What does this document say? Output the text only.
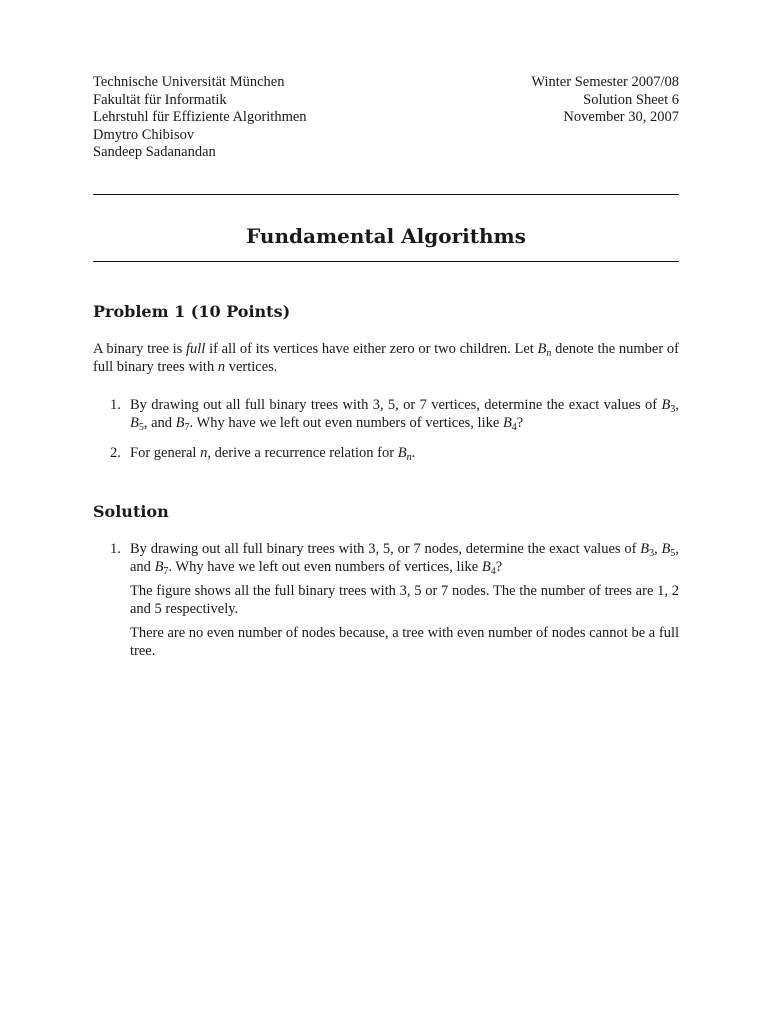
Technische Universität München
Fakultät für Informatik
Lehrstuhl für Effiziente Algorithmen
Dmytro Chibisov
Sandeep Sadanandan
Winter Semester 2007/08
Solution Sheet 6
November 30, 2007
Fundamental Algorithms
Problem 1 (10 Points)

A binary tree is full if all of its vertices have either zero or two children. Let $B_n$ denote the number of full binary trees with n vertices.

1. By drawing out all full binary trees with 3, 5, or 7 vertices, determine the exact values of $B_3$, $B_5$, and $B_7$. Why have we left out even numbers of vertices, like $B_4$?
2. For general n, derive a recurrence relation for $B_n$.
Solution
1. By drawing out all full binary trees with 3, 5, or 7 nodes, determine the exact values of $B_3$, $B_5$, and $B_7$. Why have we left out even numbers of vertices, like $B_4$?
The figure shows all the full binary trees with 3, 5 or 7 nodes. The the number of trees are 1, 2 and 5 respectively.
There are no even number of nodes because, a tree with even number of nodes cannot be a full tree.
